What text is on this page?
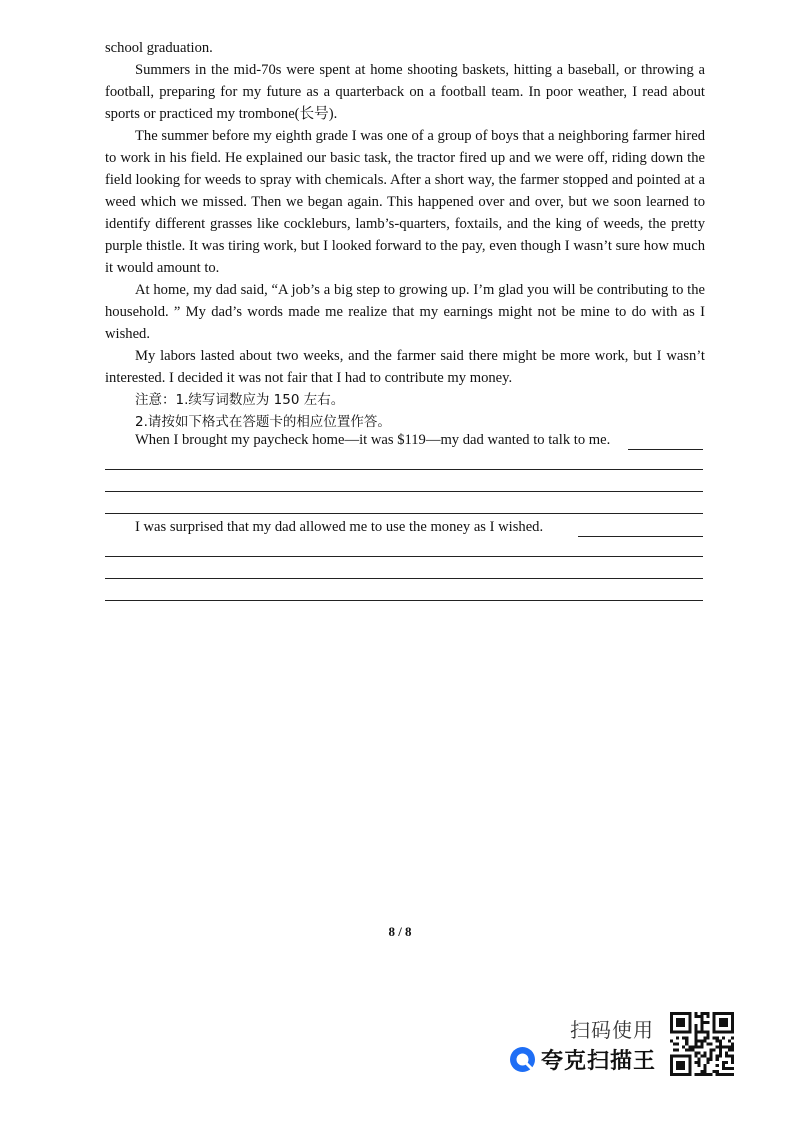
school graduation.

Summers in the mid-70s were spent at home shooting baskets, hitting a baseball, or throwing a football, preparing for my future as a quarterback on a football team. In poor weather, I read about sports or practiced my trombone(长号).

The summer before my eighth grade I was one of a group of boys that a neighboring farmer hired to work in his field. He explained our basic task, the tractor fired up and we were off, riding down the field looking for weeds to spray with chemicals. After a short way, the farmer stopped and pointed at a weed which we missed. Then we began again. This happened over and over, but we soon learned to identify different grasses like cockleburs, lamb’s-quarters, foxtails, and the king of weeds, the pretty purple thistle. It was tiring work, but I looked forward to the pay, even though I wasn’t sure how much it would amount to.

At home, my dad said, “A job’s a big step to growing up. I’m glad you will be contributing to the household. ” My dad’s words made me realize that my earnings might not be mine to do with as I wished.

My labors lasted about two weeks, and the farmer said there might be more work, but I wasn’t interested. I decided it was not fair that I had to contribute my money.

注意：1.续写词数应为 150 左右。

2.请按如下格式在答题卡的相应位置作答。

When I brought my paycheck home—it was $119—my dad wanted to talk to me.
I was surprised that my dad allowed me to use the money as I wished.
8 / 8
扫码使用
夸克扫描王
